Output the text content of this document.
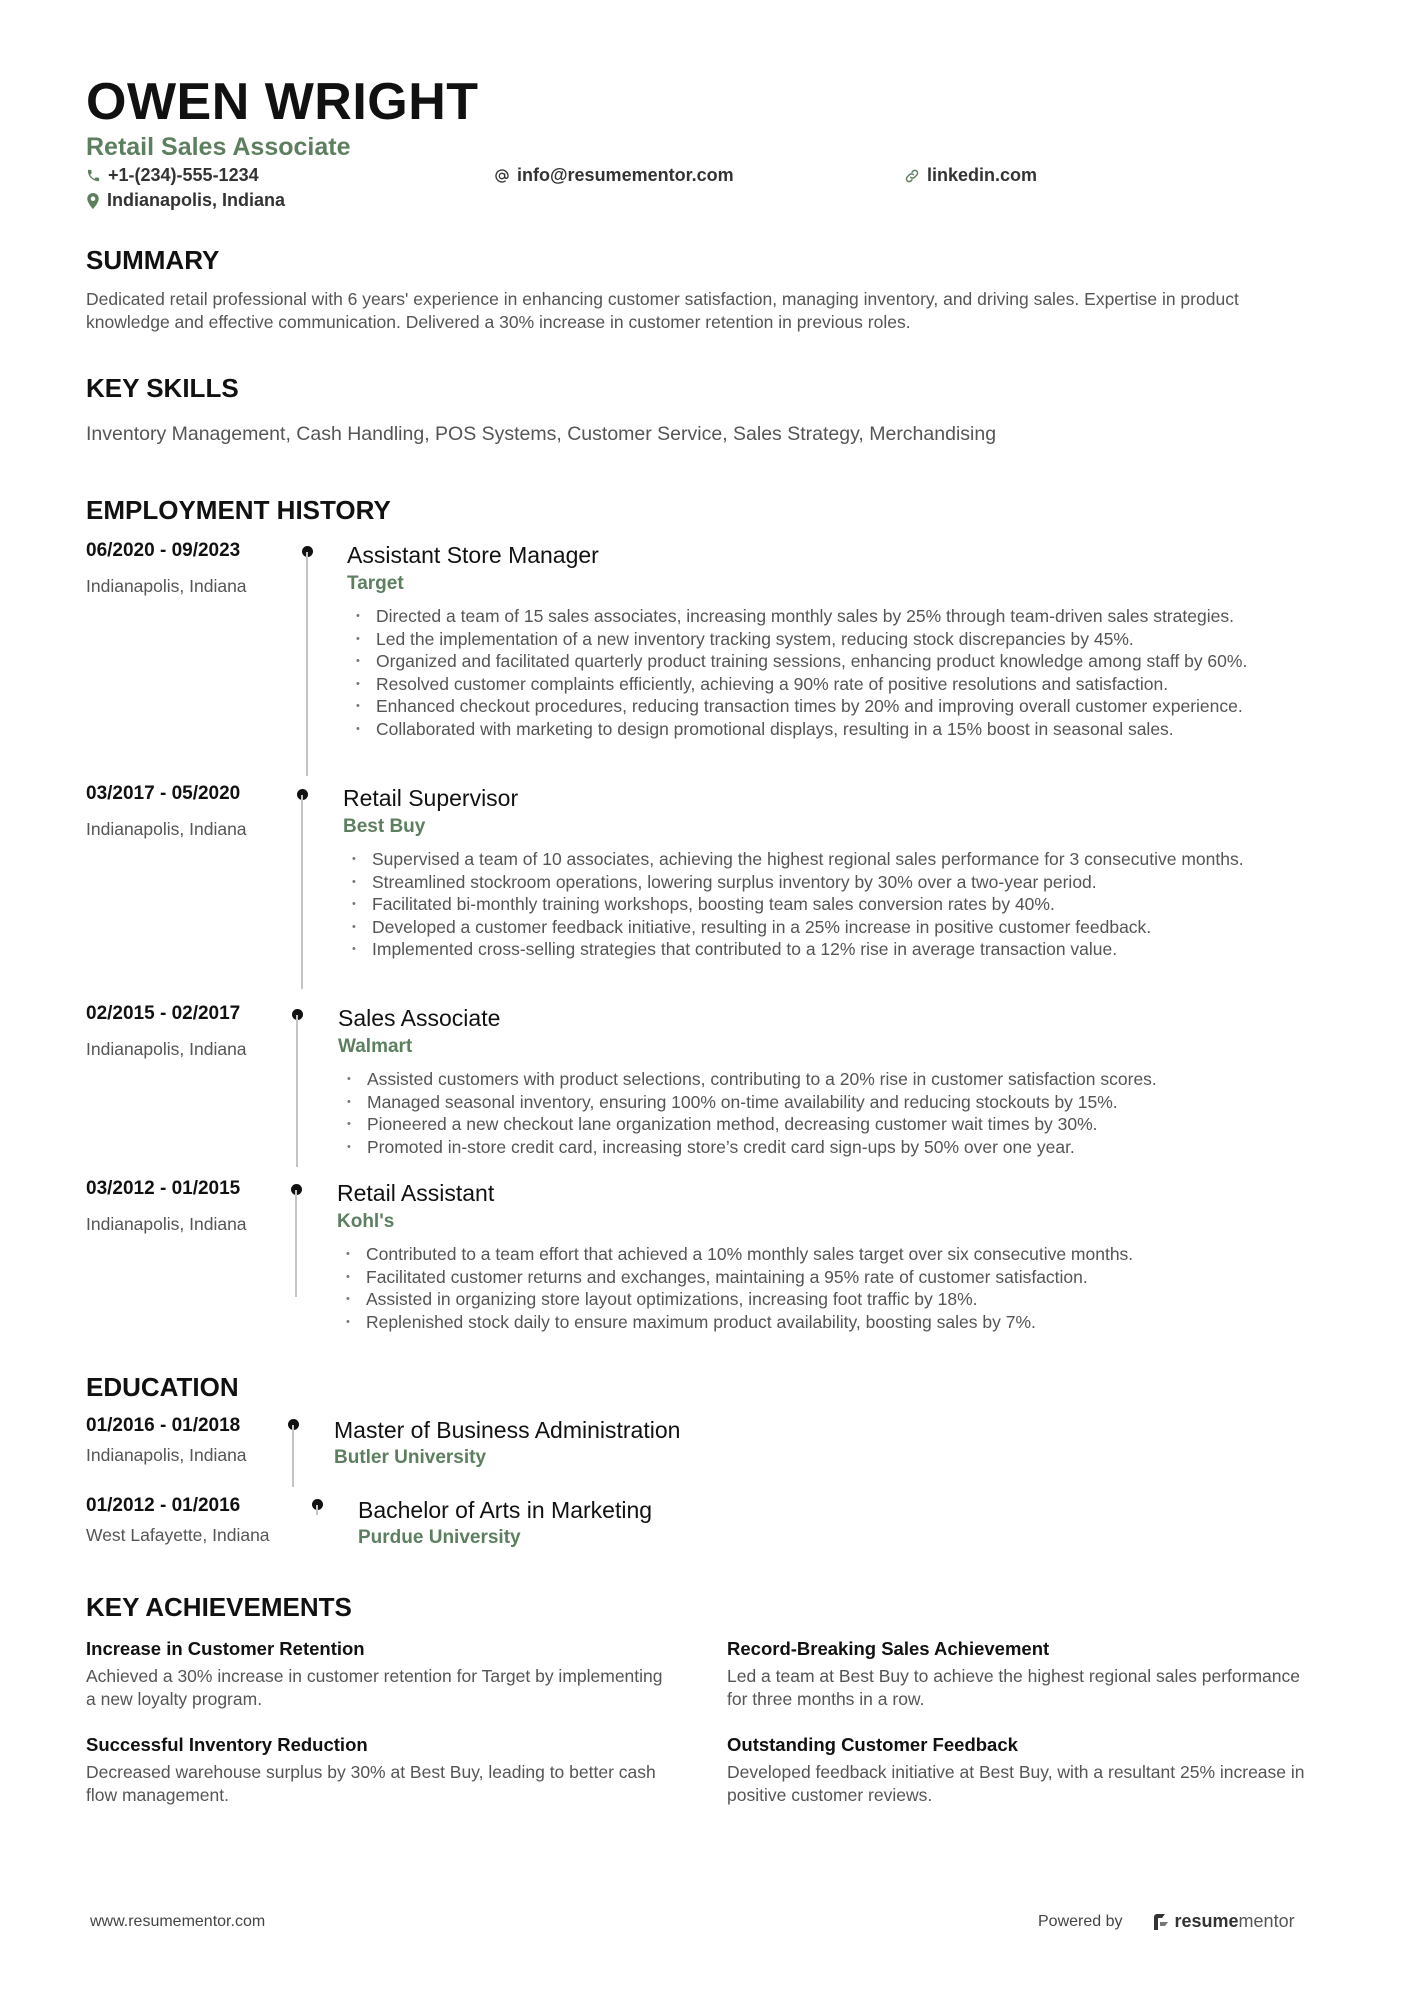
OWEN WRIGHT
Retail Sales Associate
+1-(234)-555-1234	info@resumementor.com	linkedin.com
Indianapolis, Indiana
SUMMARY
Dedicated retail professional with 6 years' experience in enhancing customer satisfaction, managing inventory, and driving sales. Expertise in product knowledge and effective communication. Delivered a 30% increase in customer retention in previous roles.
KEY SKILLS
Inventory Management, Cash Handling, POS Systems, Customer Service, Sales Strategy, Merchandising
EMPLOYMENT HISTORY
06/2020 - 09/2023
Indianapolis, Indiana
Assistant Store Manager
Target
• Directed a team of 15 sales associates, increasing monthly sales by 25% through team-driven sales strategies.
• Led the implementation of a new inventory tracking system, reducing stock discrepancies by 45%.
• Organized and facilitated quarterly product training sessions, enhancing product knowledge among staff by 60%.
• Resolved customer complaints efficiently, achieving a 90% rate of positive resolutions and satisfaction.
• Enhanced checkout procedures, reducing transaction times by 20% and improving overall customer experience.
• Collaborated with marketing to design promotional displays, resulting in a 15% boost in seasonal sales.
03/2017 - 05/2020
Indianapolis, Indiana
Retail Supervisor
Best Buy
• Supervised a team of 10 associates, achieving the highest regional sales performance for 3 consecutive months.
• Streamlined stockroom operations, lowering surplus inventory by 30% over a two-year period.
• Facilitated bi-monthly training workshops, boosting team sales conversion rates by 40%.
• Developed a customer feedback initiative, resulting in a 25% increase in positive customer feedback.
• Implemented cross-selling strategies that contributed to a 12% rise in average transaction value.
02/2015 - 02/2017
Indianapolis, Indiana
Sales Associate
Walmart
• Assisted customers with product selections, contributing to a 20% rise in customer satisfaction scores.
• Managed seasonal inventory, ensuring 100% on-time availability and reducing stockouts by 15%.
• Pioneered a new checkout lane organization method, decreasing customer wait times by 30%.
• Promoted in-store credit card, increasing store’s credit card sign-ups by 50% over one year.
03/2012 - 01/2015
Indianapolis, Indiana
Retail Assistant
Kohl's
• Contributed to a team effort that achieved a 10% monthly sales target over six consecutive months.
• Facilitated customer returns and exchanges, maintaining a 95% rate of customer satisfaction.
• Assisted in organizing store layout optimizations, increasing foot traffic by 18%.
• Replenished stock daily to ensure maximum product availability, boosting sales by 7%.
EDUCATION
01/2016 - 01/2018
Indianapolis, Indiana
Master of Business Administration
Butler University
01/2012 - 01/2016
West Lafayette, Indiana
Bachelor of Arts in Marketing
Purdue University
KEY ACHIEVEMENTS
Increase in Customer Retention
Achieved a 30% increase in customer retention for Target by implementing a new loyalty program.
Record-Breaking Sales Achievement
Led a team at Best Buy to achieve the highest regional sales performance for three months in a row.
Successful Inventory Reduction
Decreased warehouse surplus by 30% at Best Buy, leading to better cash flow management.
Outstanding Customer Feedback
Developed feedback initiative at Best Buy, with a resultant 25% increase in positive customer reviews.
www.resumementor.com	Powered by	resume mentor
